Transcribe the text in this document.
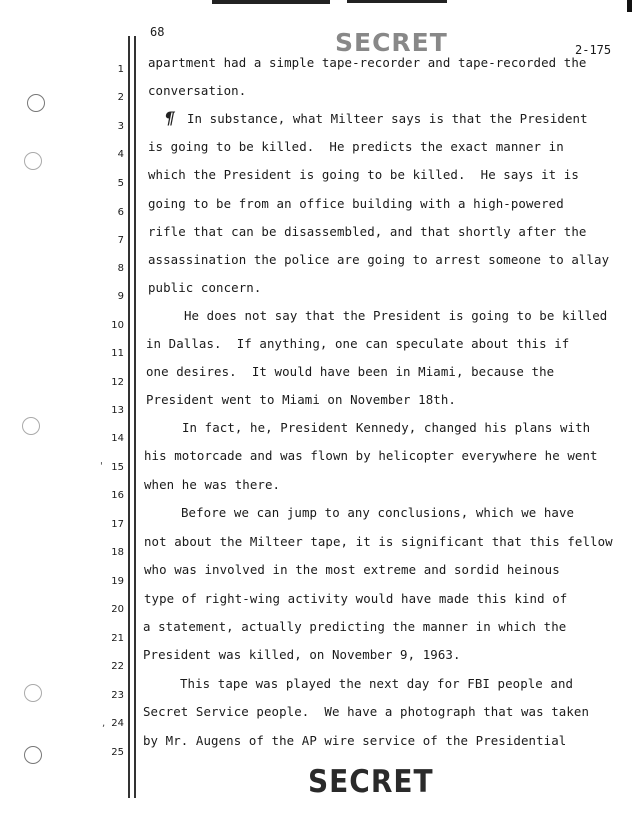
68
2-175
SECRET
SECRET
'
,
¶
1
2
3
4
5
6
7
8
9
10
11
12
13
14
15
16
17
18
19
20
21
22
23
24
25
apartment had a simple tape-recorder and tape-recorded the
conversation.
In substance, what Milteer says is that the President
is going to be killed.  He predicts the exact manner in
which the President is going to be killed.  He says it is
going to be from an office building with a high-powered
rifle that can be disassembled, and that shortly after the
assassination the police are going to arrest someone to allay
public concern.
He does not say that the President is going to be killed
in Dallas.  If anything, one can speculate about this if
one desires.  It would have been in Miami, because the
President went to Miami on November 18th.
In fact, he, President Kennedy, changed his plans with
his motorcade and was flown by helicopter everywhere he went
when he was there.
Before we can jump to any conclusions, which we have
not about the Milteer tape, it is significant that this fellow
who was involved in the most extreme and sordid heinous
type of right-wing activity would have made this kind of
a statement, actually predicting the manner in which the
President was killed, on November 9, 1963.
This tape was played the next day for FBI people and
Secret Service people.  We have a photograph that was taken
by Mr. Augens of the AP wire service of the Presidential
